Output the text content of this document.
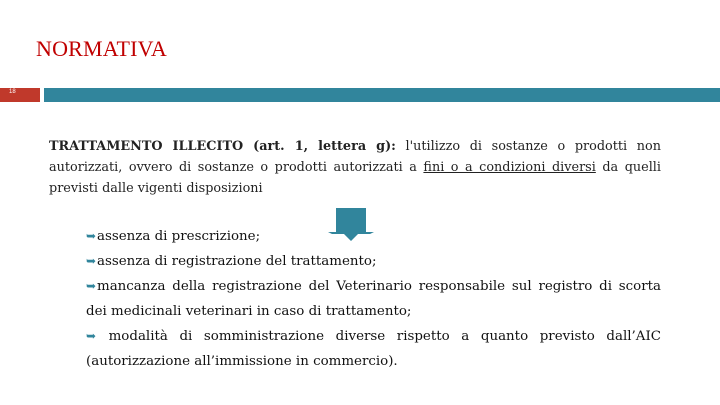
NORMATIVA
18
TRATTAMENTO ILLECITO (art. 1, lettera g): l'utilizzo di sostanze o prodotti non autorizzati, ovvero di sostanze o prodotti autorizzati a fini o a condizioni diversi da quelli previsti dalle vigenti disposizioni
➥assenza di prescrizione;
➥assenza di registrazione del trattamento;
➥mancanza della registrazione del Veterinario responsabile sul registro di scorta dei medicinali veterinari in caso di trattamento;
➥ modalità di somministrazione diverse rispetto a quanto previsto dall’AIC (autorizzazione all’immissione in commercio).
